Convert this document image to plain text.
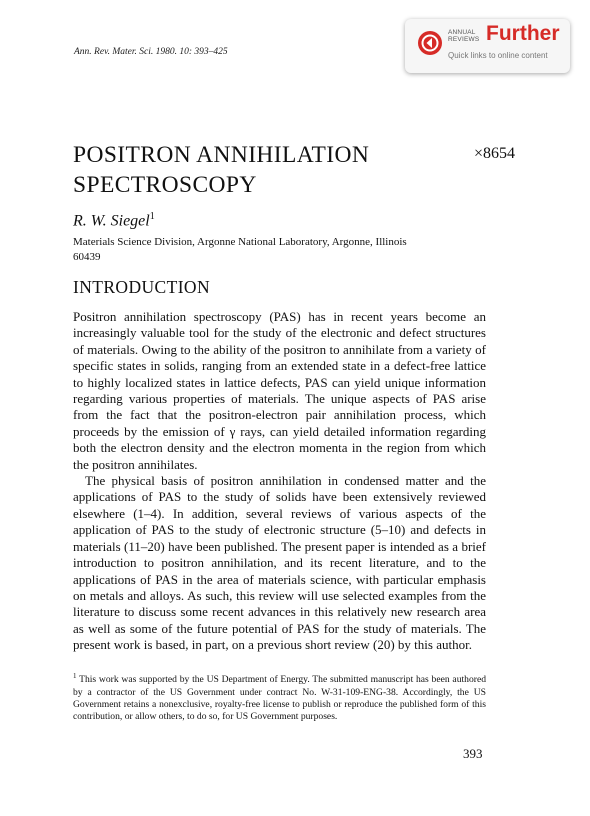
Ann. Rev. Mater. Sci. 1980. 10: 393–425
ANNUAL
REVIEWS Further
Quick links to online content
POSITRON ANNIHILATION
SPECTROSCOPY
×8654
R. W. Siegel$^1$
Materials Science Division, Argonne National Laboratory, Argonne, Illinois 60439
INTRODUCTION

Positron annihilation spectroscopy (PAS) has in recent years become an increasingly valuable tool for the study of the electronic and defect structures of materials. Owing to the ability of the positron to annihilate from a variety of specific states in solids, ranging from an extended state in a defect-free lattice to highly localized states in lattice defects, PAS can yield unique information regarding various properties of materials. The unique aspects of PAS arise from the fact that the positron-electron pair annihilation process, which proceeds by the emission of γ rays, can yield detailed information regarding both the electron density and the electron momenta in the region from which the positron annihilates.

The physical basis of positron annihilation in condensed matter and the applications of PAS to the study of solids have been extensively reviewed elsewhere (1–4). In addition, several reviews of various aspects of the application of PAS to the study of electronic structure (5–10) and defects in materials (11–20) have been published. The present paper is intended as a brief introduction to positron annihilation, and its recent literature, and to the applications of PAS in the area of materials science, with particular emphasis on metals and alloys. As such, this review will use selected examples from the literature to discuss some recent advances in this relatively new research area as well as some of the future potential of PAS for the study of materials. The present work is based, in part, on a previous short review (20) by this author.

$^1$ This work was supported by the US Department of Energy. The submitted manuscript has been authored by a contractor of the US Government under contract No. W-31-109-ENG-38. Accordingly, the US Government retains a nonexclusive, royalty-free license to publish or reproduce the published form of this contribution, or allow others, to do so, for US Government purposes.
393
